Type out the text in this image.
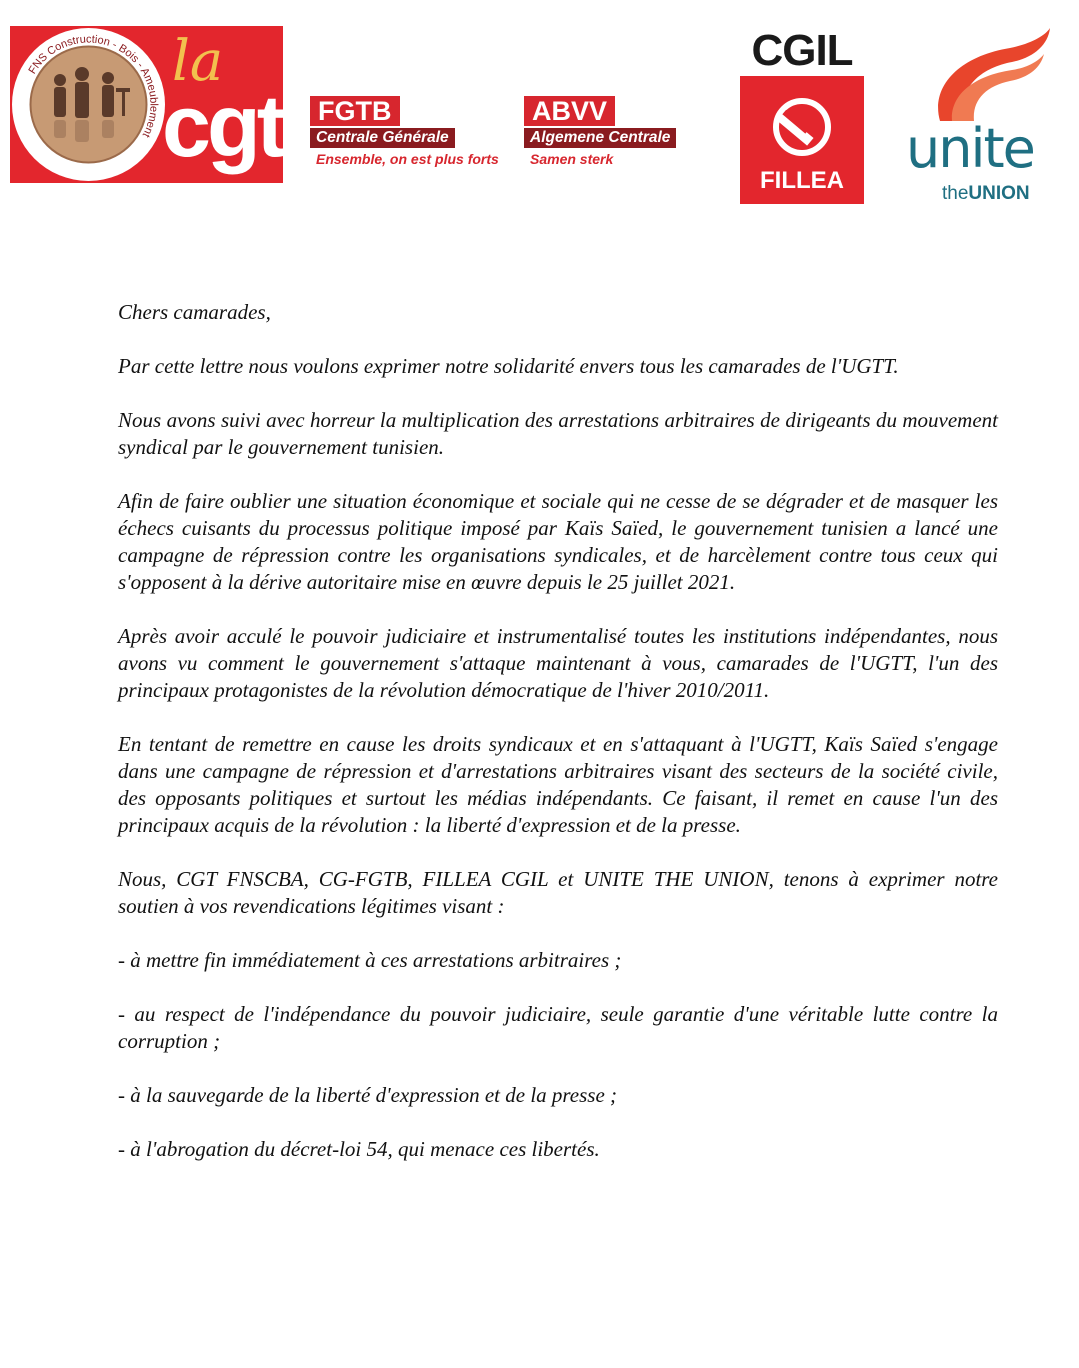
FNS Construction - Bois - Ameublement
la
cgt FGTB
Centrale Générale
Ensemble, on est plus forts
ABVV
Algemene Centrale
Samen sterk
CGIL
FILLEA
unite
theUNION

Chers camarades,

Par cette lettre nous voulons exprimer notre solidarité envers tous les camarades de l'UGTT.

Nous avons suivi avec horreur la multiplication des arrestations arbitraires de dirigeants du mouvement syndical par le gouvernement tunisien.

Afin de faire oublier une situation économique et sociale qui ne cesse de se dégrader et de masquer les échecs cuisants du processus politique imposé par Kaïs Saïed, le gouvernement tunisien a lancé une campagne de répression contre les organisations syndicales, et de harcèlement contre tous ceux qui s'opposent à la dérive autoritaire mise en œuvre depuis le 25 juillet 2021.

Après avoir acculé le pouvoir judiciaire et instrumentalisé toutes les institutions indépendantes, nous avons vu comment le gouvernement s'attaque maintenant à vous, camarades de l'UGTT, l'un des principaux protagonistes de la révolution démocratique de l'hiver 2010/2011.

En tentant de remettre en cause les droits syndicaux et en s'attaquant à l'UGTT, Kaïs Saïed s'engage dans une campagne de répression et d'arrestations arbitraires visant des secteurs de la société civile, des opposants politiques et surtout les médias indépendants. Ce faisant, il remet en cause l'un des principaux acquis de la révolution : la liberté d'expression et de la presse.

Nous, CGT FNSCBA, CG-FGTB, FILLEA CGIL et UNITE THE UNION, tenons à exprimer notre soutien à vos revendications légitimes visant :

- à mettre fin immédiatement à ces arrestations arbitraires ;

- au respect de l'indépendance du pouvoir judiciaire, seule garantie d'une véritable lutte contre la corruption ;

- à la sauvegarde de la liberté d'expression et de la presse ;

- à l'abrogation du décret-loi 54, qui menace ces libertés.
